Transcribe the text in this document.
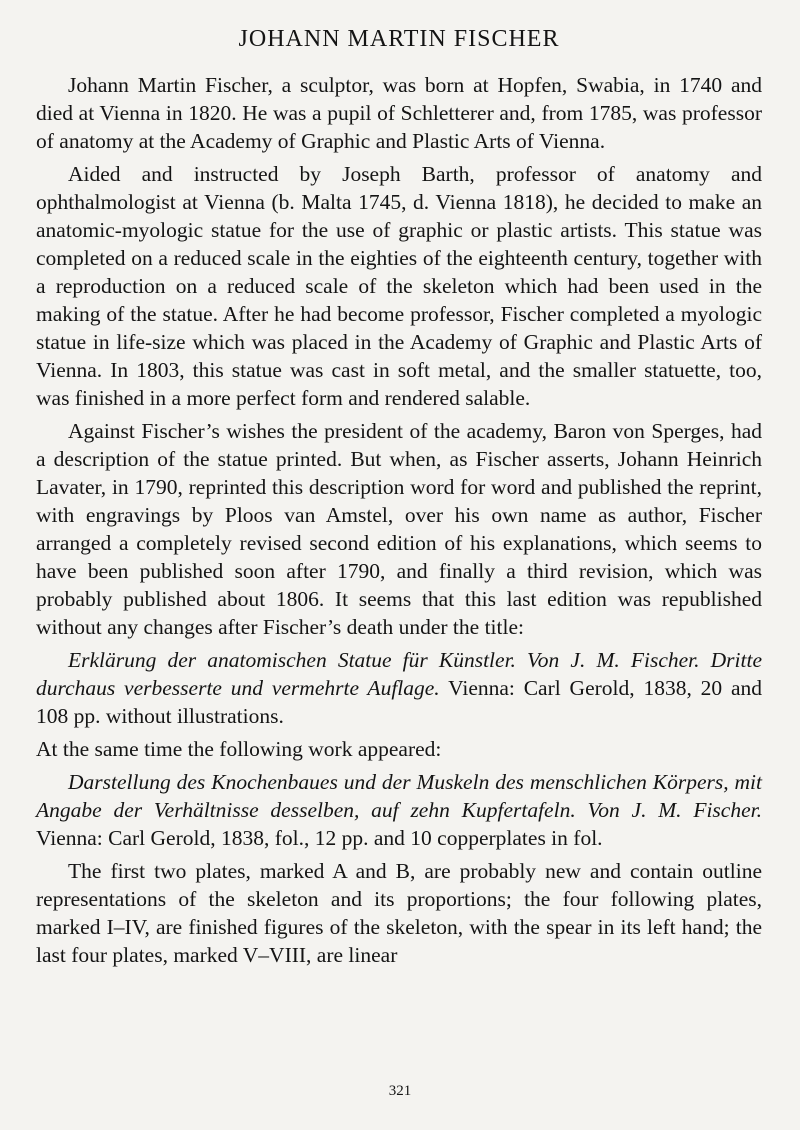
JOHANN MARTIN FISCHER

Johann Martin Fischer, a sculptor, was born at Hopfen, Swabia, in 1740 and died at Vienna in 1820. He was a pupil of Schletterer and, from 1785, was professor of anatomy at the Academy of Graphic and Plastic Arts of Vienna.

Aided and instructed by Joseph Barth, professor of anatomy and ophthalmologist at Vienna (b. Malta 1745, d. Vienna 1818), he decided to make an anatomic-myologic statue for the use of graphic or plastic artists. This statue was completed on a reduced scale in the eighties of the eighteenth century, together with a reproduction on a reduced scale of the skeleton which had been used in the making of the statue. After he had become professor, Fischer completed a myologic statue in life-size which was placed in the Academy of Graphic and Plastic Arts of Vienna. In 1803, this statue was cast in soft metal, and the smaller statuette, too, was finished in a more perfect form and rendered salable.

Against Fischer’s wishes the president of the academy, Baron von Sperges, had a description of the statue printed. But when, as Fischer asserts, Johann Heinrich Lavater, in 1790, reprinted this description word for word and published the reprint, with engravings by Ploos van Amstel, over his own name as author, Fischer arranged a completely revised second edition of his explanations, which seems to have been published soon after 1790, and finally a third revision, which was probably published about 1806. It seems that this last edition was republished without any changes after Fischer’s death under the title:

Erklärung der anatomischen Statue für Künstler. Von J. M. Fischer. Dritte durchaus verbesserte und vermehrte Auflage. Vienna: Carl Gerold, 1838, 20 and 108 pp. without illustrations.

At the same time the following work appeared:

Darstellung des Knochenbaues und der Muskeln des menschlichen Körpers, mit Angabe der Verhältnisse desselben, auf zehn Kupfertafeln. Von J. M. Fischer. Vienna: Carl Gerold, 1838, fol., 12 pp. and 10 copperplates in fol.

The first two plates, marked A and B, are probably new and contain outline representations of the skeleton and its proportions; the four following plates, marked I–IV, are finished figures of the skeleton, with the spear in its left hand; the last four plates, marked V–VIII, are linear

321
